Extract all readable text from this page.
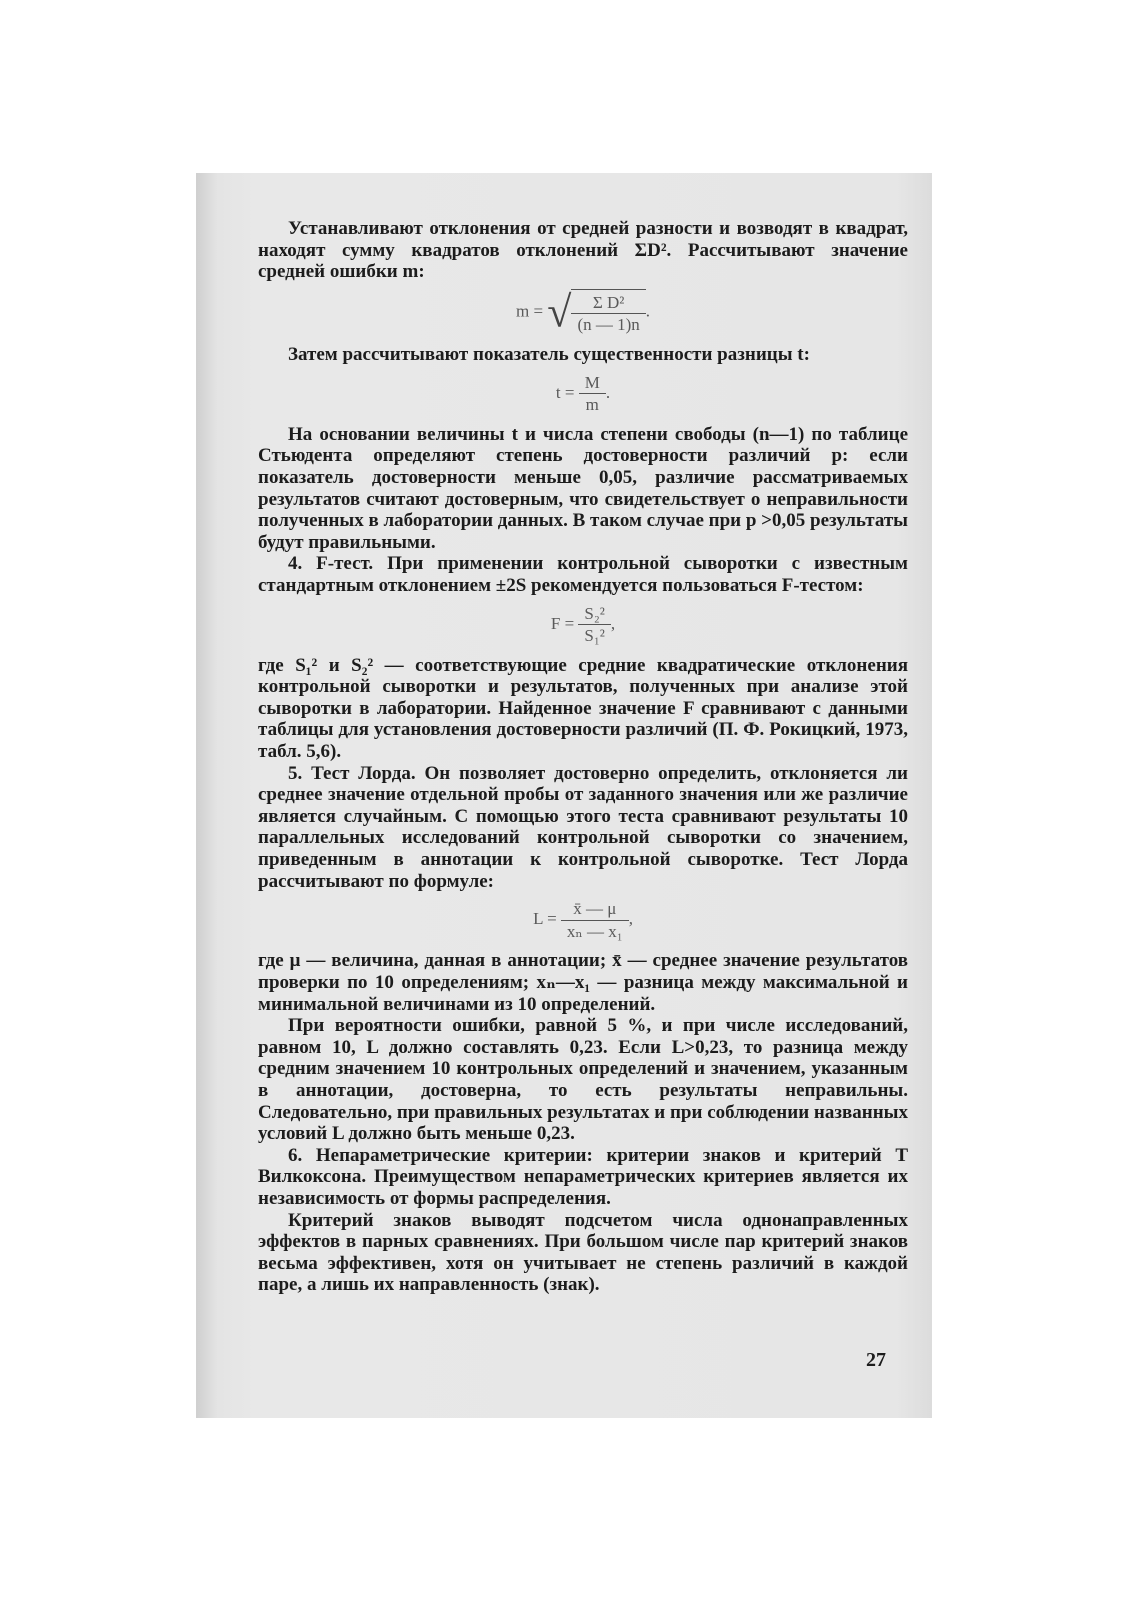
Устанавливают отклонения от средней разности и возводят в квадрат, находят сумму квадратов отклонений ΣD². Рассчитывают значение средней ошибки m:

m = √ $\frac{\text{Σ D²}}{(n — 1)n}$ .

Затем рассчитывают показатель существенности разницы t:

$t = \frac{M}{m}$ .

На основании величины t и числа степени свободы (n—1) по таблице Стьюдента определяют степень достоверности различий p: если показатель достоверности меньше 0,05, различие рассматриваемых результатов считают достоверным, что свидетельствует о неправильности полученных в лаборатории данных. В таком случае при p >0,05 результаты будут правильными.

4. F-тест. При применении контрольной сыворотки с известным стандартным отклонением ±2S рекомендуется пользоваться F-тестом:

$F = \frac{\text{S₂²}}{\text{S₁²}}$ ,

где S₁² и S₂² — соответствующие средние квадратические отклонения контрольной сыворотки и результатов, полученных при анализе этой сыворотки в лаборатории. Найденное значение F сравнивают с данными таблицы для установления достоверности различий (П. Ф. Рокицкий, 1973, табл. 5,6).

5. Тест Лорда. Он позволяет достоверно определить, отклоняется ли среднее значение отдельной пробы от заданного значения или же различие является случайным. С помощью этого теста сравнивают результаты 10 параллельных исследований контрольной сыворотки со значением, приведенным в аннотации к контрольной сыворотке. Тест Лорда рассчитывают по формуле:

$L = \frac{x̄ — \mu}{\text{xₙ — x₁}}$ ,

где μ — величина, данная в аннотации; x̄ — среднее значение результатов проверки по 10 определениям; xₙ—x₁ — разница между максимальной и минимальной величинами из 10 определений.

При вероятности ошибки, равной 5 %, и при числе исследований, равном 10, L должно составлять 0,23. Если L>0,23, то разница между средним значением 10 контрольных определений и значением, указанным в аннотации, достоверна, то есть результаты неправильны. Следовательно, при правильных результатах и при соблюдении названных условий L должно быть меньше 0,23.

6. Непараметрические критерии: критерии знаков и критерий T Вилкоксона. Преимуществом непараметрических критериев является их независимость от формы распределения.

Критерий знаков выводят подсчетом числа однонаправленных эффектов в парных сравнениях. При большом числе пар критерий знаков весьма эффективен, хотя он учитывает не степень различий в каждой паре, а лишь их направленность (знак).

27
